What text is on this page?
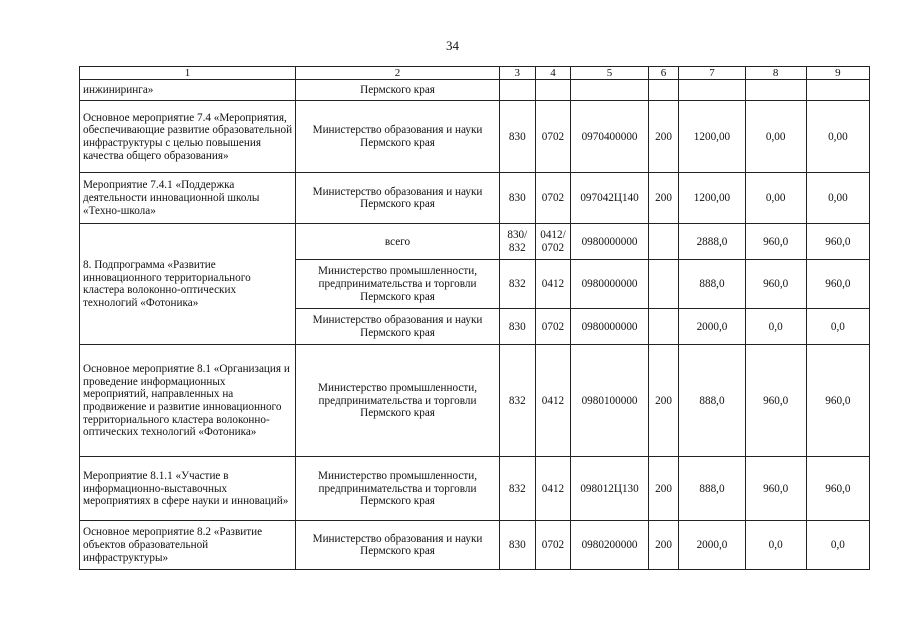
34
1	2	3	4	5	6	7	8	9
инжиниринга»	Пермского края							
Основное мероприятие 7.4 «Мероприятия, обеспечивающие развитие образовательной инфраструктуры с целью повышения качества общего образования»	Министерство образования и науки Пермского края	830	0702	0970400000	200	1200,00	0,00	0,00
Мероприятие 7.4.1 «Поддержка деятельности инновационной школы «Техно-школа»	Министерство образования и науки Пермского края	830	0702	097042Ц140	200	1200,00	0,00	0,00
8. Подпрограмма «Развитие инновационного территориального кластера волоконно-оптических технологий «Фотоника»	всего	830/ 832	0412/ 0702	0980000000		2888,0	960,0	960,0
	Министерство промышленности, предпринимательства и торговли Пермского края	832	0412	0980000000		888,0	960,0	960,0
	Министерство образования и науки Пермского края	830	0702	0980000000		2000,0	0,0	0,0
Основное мероприятие 8.1 «Организация и проведение информационных мероприятий, направленных на продвижение и развитие инновационного территориального кластера волоконно-оптических технологий «Фотоника»	Министерство промышленности, предпринимательства и торговли Пермского края	832	0412	0980100000	200	888,0	960,0	960,0
Мероприятие 8.1.1 «Участие в информационно-выставочных мероприятиях в сфере науки и инноваций»	Министерство промышленности, предпринимательства и торговли Пермского края	832	0412	098012Ц130	200	888,0	960,0	960,0
Основное мероприятие 8.2 «Развитие объектов образовательной инфраструктуры»	Министерство образования и науки Пермского края	830	0702	0980200000	200	2000,0	0,0	0,0
